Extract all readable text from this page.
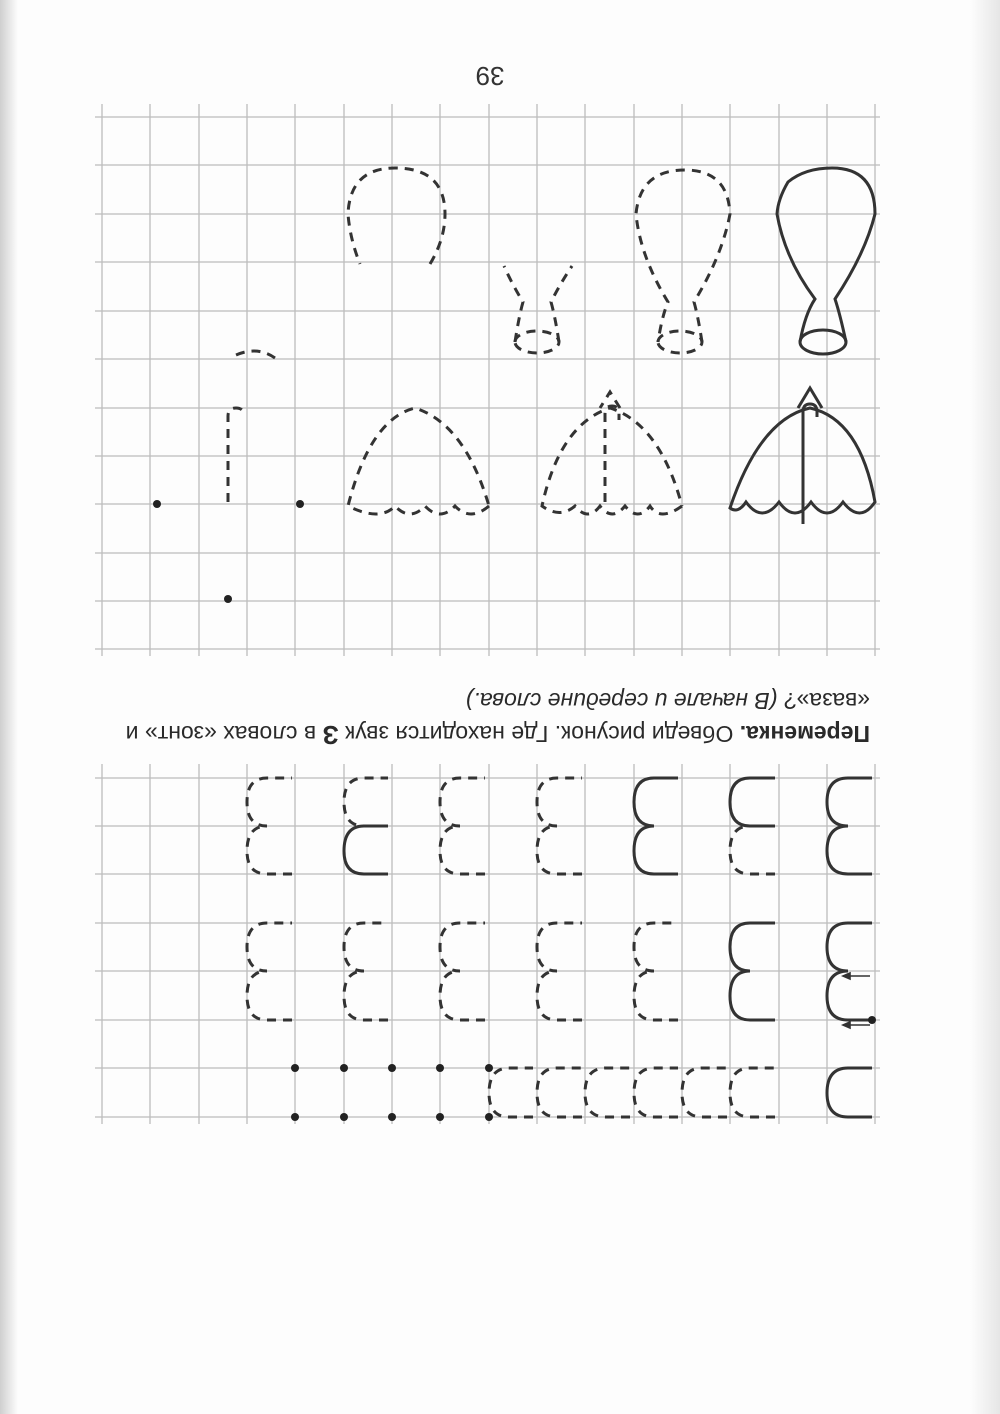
39
Переменка. Обведи рисунок. Где находится звук З в словах «зонт» и «ваза»? (В начале и середине слова.)
